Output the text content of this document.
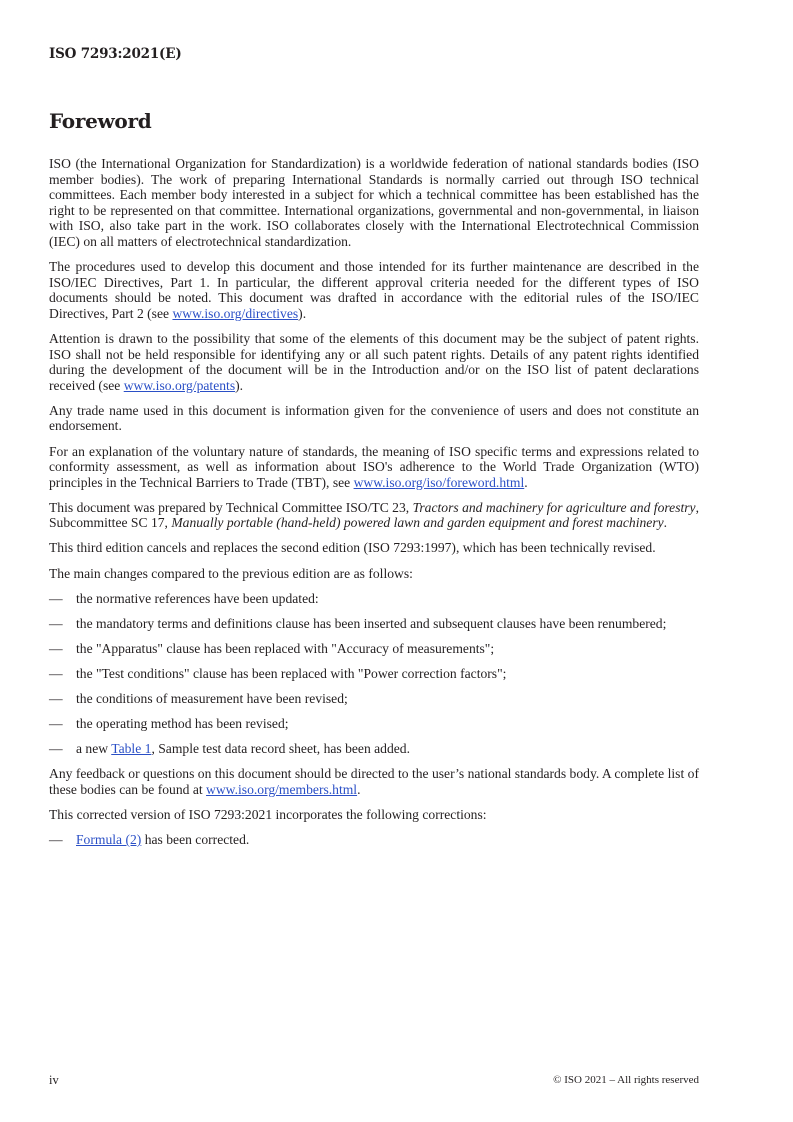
ISO 7293:2021(E)
Foreword

ISO (the International Organization for Standardization) is a worldwide federation of national standards bodies (ISO member bodies). The work of preparing International Standards is normally carried out through ISO technical committees. Each member body interested in a subject for which a technical committee has been established has the right to be represented on that committee. International organizations, governmental and non-governmental, in liaison with ISO, also take part in the work. ISO collaborates closely with the International Electrotechnical Commission (IEC) on all matters of electrotechnical standardization.

The procedures used to develop this document and those intended for its further maintenance are described in the ISO/IEC Directives, Part 1. In particular, the different approval criteria needed for the different types of ISO documents should be noted. This document was drafted in accordance with the editorial rules of the ISO/IEC Directives, Part 2 (see www.iso.org/directives).

Attention is drawn to the possibility that some of the elements of this document may be the subject of patent rights. ISO shall not be held responsible for identifying any or all such patent rights. Details of any patent rights identified during the development of the document will be in the Introduction and/or on the ISO list of patent declarations received (see www.iso.org/patents).

Any trade name used in this document is information given for the convenience of users and does not constitute an endorsement.

For an explanation of the voluntary nature of standards, the meaning of ISO specific terms and expressions related to conformity assessment, as well as information about ISO's adherence to the World Trade Organization (WTO) principles in the Technical Barriers to Trade (TBT), see www.iso.org/iso/foreword.html.

This document was prepared by Technical Committee ISO/TC 23, Tractors and machinery for agriculture and forestry, Subcommittee SC 17, Manually portable (hand-held) powered lawn and garden equipment and forest machinery.

This third edition cancels and replaces the second edition (ISO 7293:1997), which has been technically revised.

The main changes compared to the previous edition are as follows:

— the normative references have been updated:
— the mandatory terms and definitions clause has been inserted and subsequent clauses have been renumbered;
— the "Apparatus" clause has been replaced with "Accuracy of measurements";
— the "Test conditions" clause has been replaced with "Power correction factors";
— the conditions of measurement have been revised;
— the operating method has been revised;
— a new Table 1, Sample test data record sheet, has been added.

Any feedback or questions on this document should be directed to the user’s national standards body. A complete list of these bodies can be found at www.iso.org/members.html.

This corrected version of ISO 7293:2021 incorporates the following corrections:

— Formula (2) has been corrected.
iv	© ISO 2021 – All rights reserved
